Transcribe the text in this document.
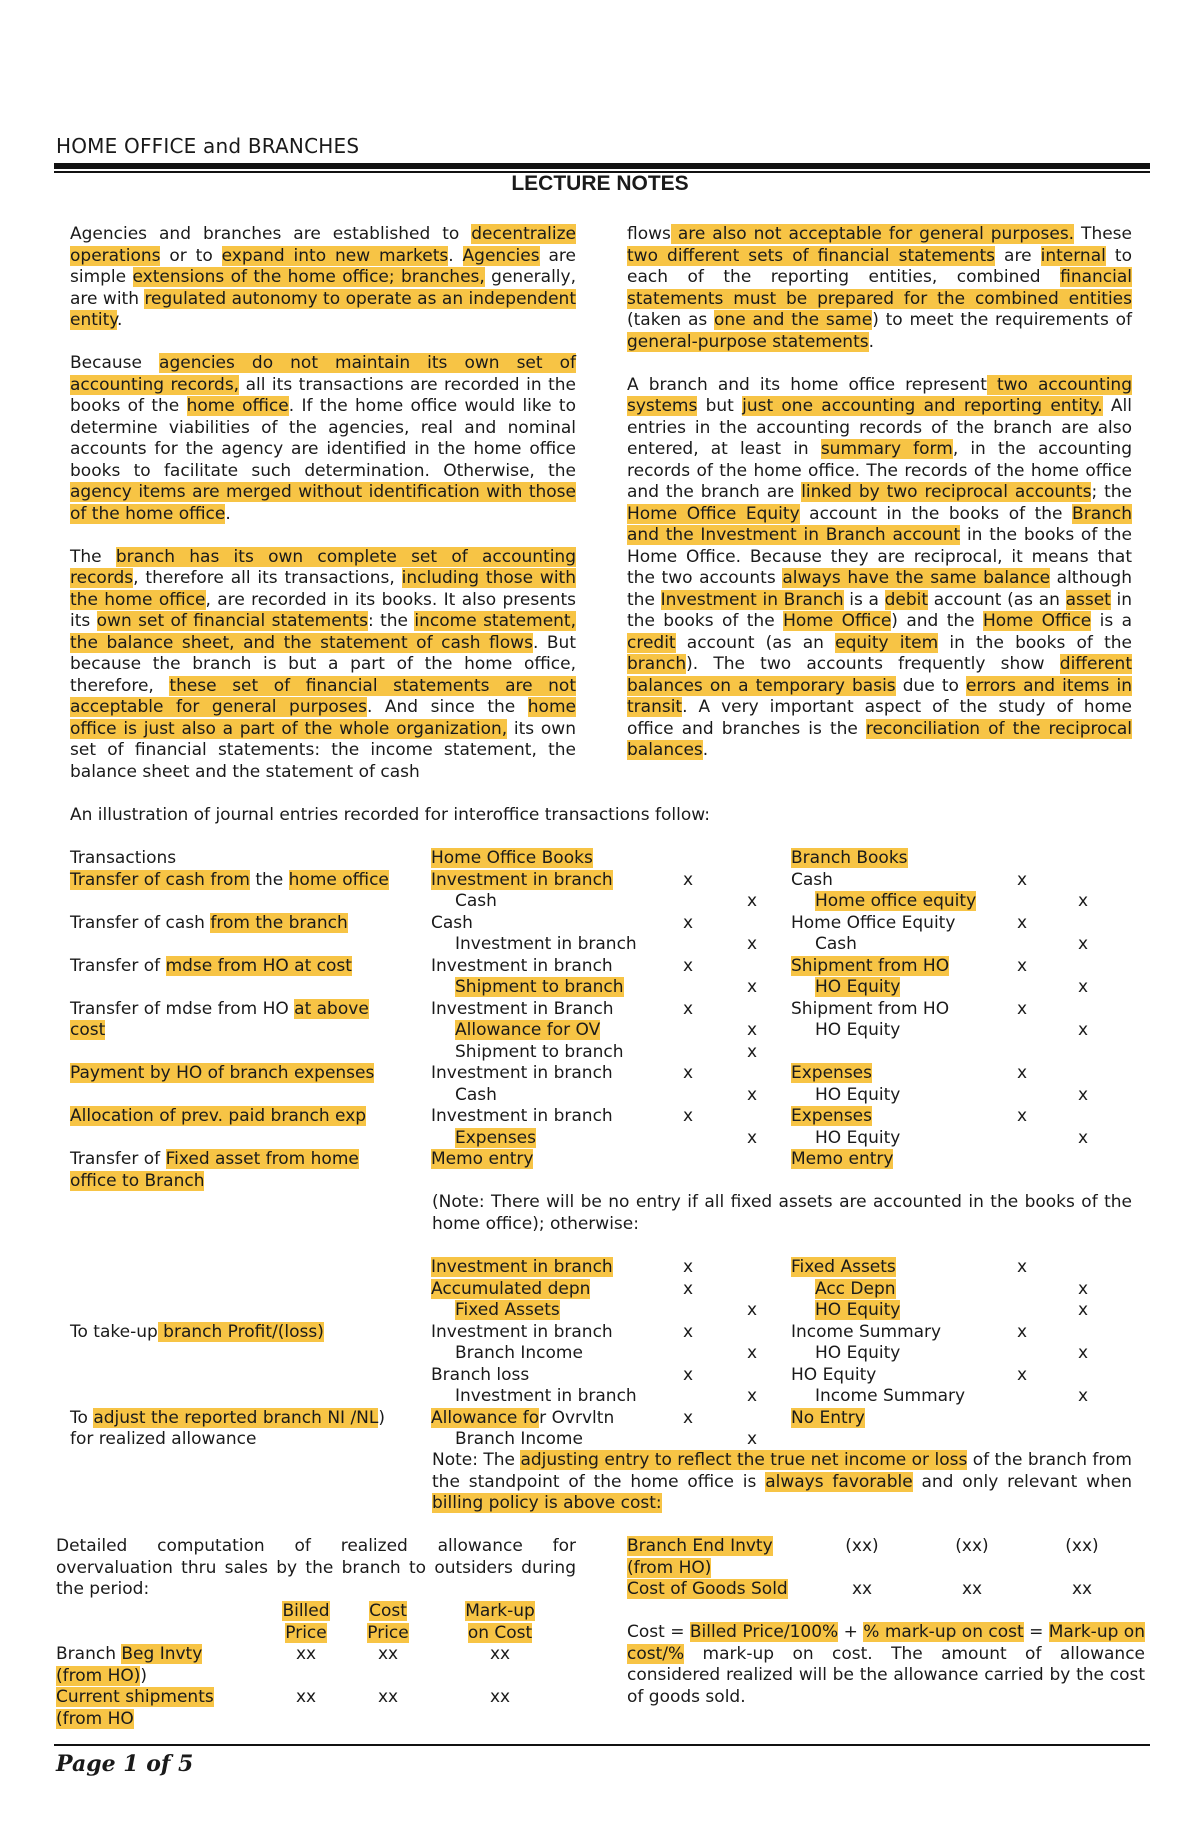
HOME OFFICE and BRANCHES
LECTURE NOTES

Agencies and branches are established to decentralize operations or to expand into new markets. Agencies are simple extensions of the home office; branches, generally, are with regulated autonomy to operate as an independent entity.

Because agencies do not maintain its own set of accounting records, all its transactions are recorded in the books of the home office. If the home office would like to determine viabilities of the agencies, real and nominal accounts for the agency are identified in the home office books to facilitate such determination. Otherwise, the agency items are merged without identification with those of the home office.

The branch has its own complete set of accounting records, therefore all its transactions, including those with the home office, are recorded in its books. It also presents its own set of financial statements: the income statement, the balance sheet, and the statement of cash flows. But because the branch is but a part of the home office, therefore, these set of financial statements are not acceptable for general purposes. And since the home office is just also a part of the whole organization, its own set of financial statements: the income statement, the balance sheet and the statement of cash

flows are also not acceptable for general purposes. These two different sets of financial statements are internal to each of the reporting entities, combined financial statements must be prepared for the combined entities (taken as one and the same) to meet the requirements of general-purpose statements.

A branch and its home office represent two accounting systems but just one accounting and reporting entity. All entries in the accounting records of the branch are also entered, at least in summary form, in the accounting records of the home office. The records of the home office and the branch are linked by two reciprocal accounts; the Home Office Equity account in the books of the Branch and the Investment in Branch account in the books of the Home Office. Because they are reciprocal, it means that the two accounts always have the same balance although the Investment in Branch is a debit account (as an asset in the books of the Home Office) and the Home Office is a credit account (as an equity item in the books of the branch). The two accounts frequently show different balances on a temporary basis due to errors and items in transit. A very important aspect of the study of home office and branches is the reconciliation of the reciprocal balances.

An illustration of journal entries recorded for interoffice transactions follow:
Transactions	Home Office Books			Branch Books		
Transfer of cash from the home office	Investment in branch	x		Cash	x	
	Cash		x	Home office equity		x
Transfer of cash from the branch	Cash	x		Home Office Equity	x	
	Investment in branch		x	Cash		x
Transfer of mdse from HO at cost	Investment in branch	x		Shipment from HO	x	
	Shipment to branch		x	HO Equity		x
Transfer of mdse from HO at above	Investment in Branch	x		Shipment from HO	x	
cost	Allowance for OV		x	HO Equity		x
	Shipment to branch		x			
Payment by HO of branch expenses	Investment in branch	x		Expenses	x	
	Cash		x	HO Equity		x
Allocation of prev. paid branch exp	Investment in branch	x		Expenses	x	
	Expenses		x	HO Equity		x
Transfer of Fixed asset from home	Memo entry			Memo entry		
office to Branch						
(Note: There will be no entry if all fixed assets are accounted in the books of the home office); otherwise:
	Investment in branch	x		Fixed Assets	x	
	Accumulated depn	x		Acc Depn		x
	Fixed Assets		x	HO Equity		x
To take-up branch Profit/(loss)	Investment in branch	x		Income Summary	x	
	Branch Income		x	HO Equity		x
	Branch loss	x		HO Equity	x	
	Investment in branch		x	Income Summary		x
To adjust the reported branch NI /NL)	Allowance for Ovrvltn	x		No Entry		
for realized allowance	Branch Income		x			
Note: The adjusting entry to reflect the true net income or loss of the branch from the standpoint of the home office is always favorable and only relevant when billing policy is above cost:
Detailed computation of realized allowance for overvaluation thru sales by the branch to outsiders during the period:
	Billed	Cost	Mark-up
	Price	Price	on Cost
Branch Beg Invty	xx	xx	xx
(from HO))			
Current shipments	xx	xx	xx
(from HO			
Branch End Invty	(xx)	(xx)	(xx)
(from HO)			
Cost of Goods Sold	xx	xx	xx
Cost = Billed Price/100% + % mark-up on cost = Mark-up on cost/% mark-up on cost. The amount of allowance considered realized will be the allowance carried by the cost of goods sold.
Page 1 of 5
